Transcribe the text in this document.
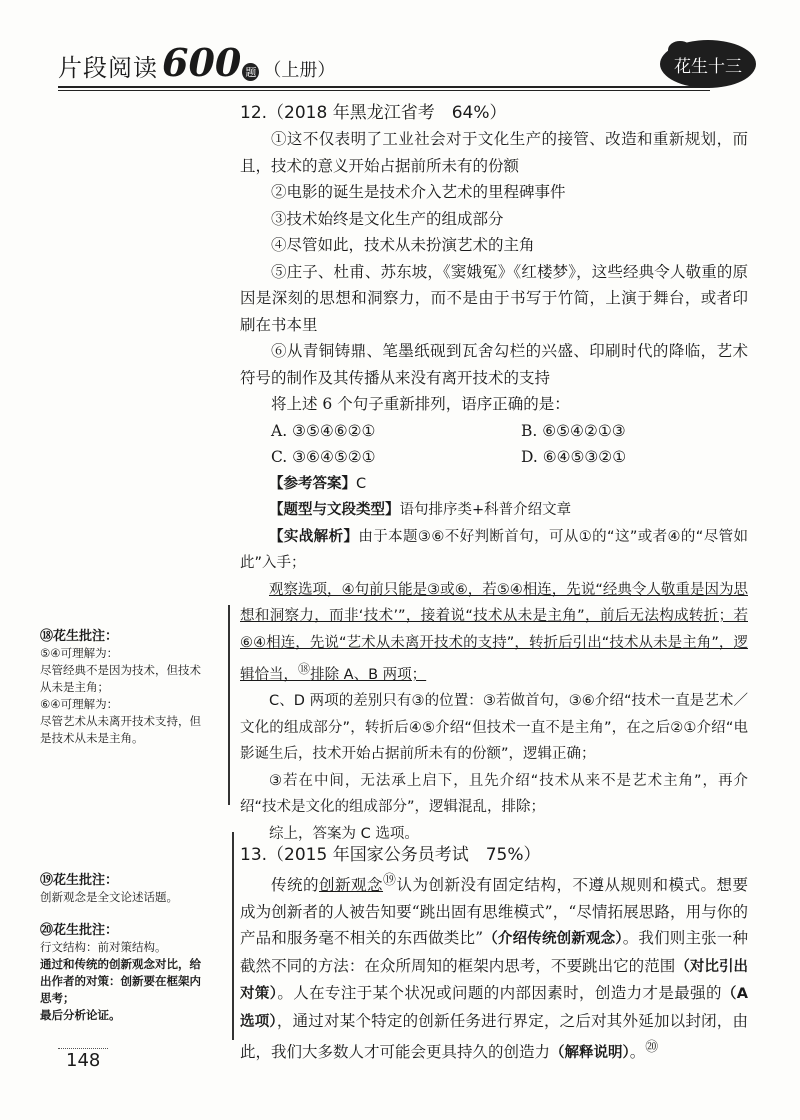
片段阅读 600 题 （上册）	花生十三
12.（2018 年黑龙江省考　64%）

①这不仅表明了工业社会对于文化生产的接管、改造和重新规划，而且，技术的意义开始占据前所未有的份额

②电影的诞生是技术介入艺术的里程碑事件

③技术始终是文化生产的组成部分

④尽管如此，技术从未扮演艺术的主角

⑤庄子、杜甫、苏东坡，《窦娥冤》《红楼梦》，这些经典令人敬重的原因是深刻的思想和洞察力，而不是由于书写于竹简，上演于舞台，或者印刷在书本里

⑥从青铜铸鼎、笔墨纸砚到瓦舍勾栏的兴盛、印刷时代的降临，艺术符号的制作及其传播从来没有离开技术的支持

将上述 6 个句子重新排列，语序正确的是：

A. ③⑤④⑥②①	B. ⑥⑤④②①③
C. ③⑥④⑤②①	D. ⑥④⑤③②①

【参考答案】C

【题型与文段类型】语句排序类+科普介绍文章

【实战解析】由于本题③⑥不好判断首句，可从①的“这”或者④的“尽管如此”入手；

观察选项，④句前只能是③或⑥，若⑤④相连，先说“经典令人敬重是因为思想和洞察力，而非‘技术’”，接着说“技术从未是主角”，前后无法构成转折；若⑥④相连，先说“艺术从未离开技术的支持”，转折后引出“技术从未是主角”，逻辑恰当，⑱排除 A、B 两项；

C、D 两项的差别只有③的位置：③若做首句，③⑥介绍“技术一直是艺术／文化的组成部分”，转折后④⑤介绍“但技术一直不是主角”，在之后②①介绍“电影诞生后，技术开始占据前所未有的份额”，逻辑正确；

③若在中间，无法承上启下，且先介绍“技术从来不是艺术主角”，再介绍“技术是文化的组成部分”，逻辑混乱，排除；

综上，答案为 C 选项。

⑱花生批注：
⑤④可理解为：
尽管经典不是因为技术，但技术从未是主角；
⑥④可理解为：
尽管艺术从未离开技术支持，但是技术从未是主角。
13.（2015 年国家公务员考试　75%）

传统的创新观念⑲认为创新没有固定结构，不遵从规则和模式。想要成为创新者的人被告知要“跳出固有思维模式”，“尽情拓展思路，用与你的产品和服务毫不相关的东西做类比”（介绍传统创新观念）。我们则主张一种截然不同的方法：在众所周知的框架内思考，不要跳出它的范围（对比引出对策）。人在专注于某个状况或问题的内部因素时，创造力才是最强的（A 选项），通过对某个特定的创新任务进行界定，之后对其外延加以封闭，由此，我们大多数人才可能会更具持久的创造力（解释说明）。⑳

⑲花生批注：
创新观念是全文论述话题。
⑳花生批注：
行文结构：前对策结构。
通过和传统的创新观念对比，给出作者的对策：创新要在框架内思考；
最后分析论证。
148
